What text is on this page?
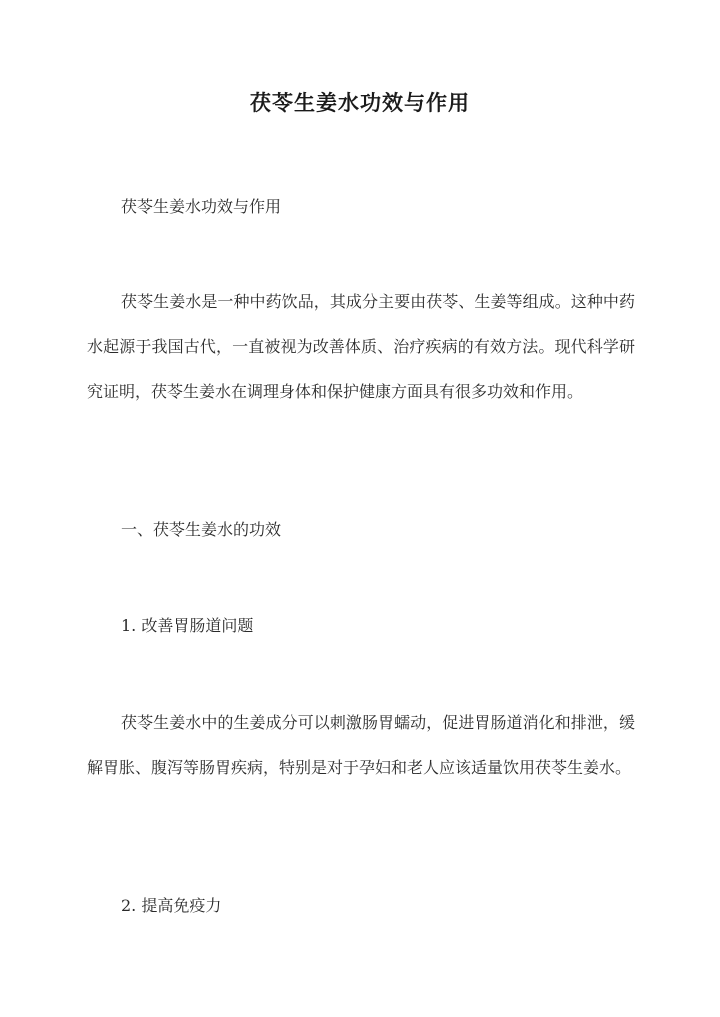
茯苓生姜水功效与作用
茯苓生姜水功效与作用
茯苓生姜水是一种中药饮品，其成分主要由茯苓、生姜等组成。这种中药水起源于我国古代，一直被视为改善体质、治疗疾病的有效方法。现代科学研究证明，茯苓生姜水在调理身体和保护健康方面具有很多功效和作用。
一、茯苓生姜水的功效
1. 改善胃肠道问题
茯苓生姜水中的生姜成分可以刺激肠胃蠕动，促进胃肠道消化和排泄，缓解胃胀、腹泻等肠胃疾病，特别是对于孕妇和老人应该适量饮用茯苓生姜水。
2. 提高免疫力
